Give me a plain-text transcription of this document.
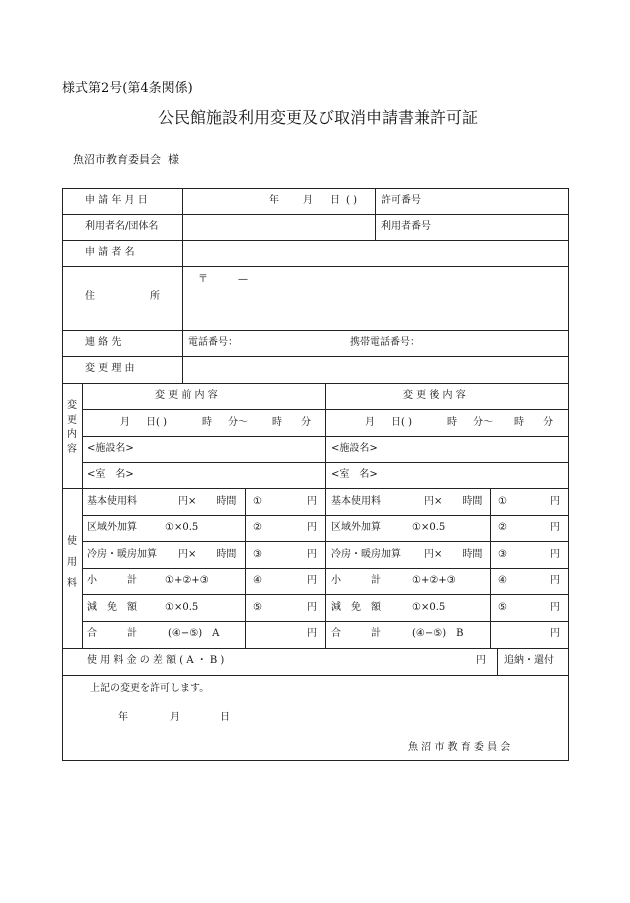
様式第2号(第4条関係)
公民館施設利用変更及び取消申請書兼許可証
魚沼市教育委員会 様
申 請 年 月 日	年 月 日 ( ) 許可番号
利用者名/団体名	利用者番号
申 請 者 名
住	所
〒	—
連 絡 先	電話番号：	携帯電話番号：
変 更 理 由
変
更
内
容
変 更 前 内 容	変 更 後 内 容
月 日( )	時 分〜 時 分	月 日( )	時 分〜 時 分
<施設名>	<施設名>
<室　名>	<室　名>
使
用
料
基本使用料	円×　　時間 ①	円 基本使用料	円×　　時間 ①	円
区域外加算	①×0.5	②	円 区域外加算	①×0.5	②	円
冷房・暖房加算 円×　　時間 ③	円 冷房・暖房加算 円×　　時間 ③	円
小　　　計	①+②+③	④	円 小　　　計	①+②+③	④	円
減　免　額	①×0.5	⑤	円 減　免　額	①×0.5	⑤	円
合　　　計	(④−⑤)　A	円 合　　　計	(④−⑤)　B	円
使 用 料 金 の 差 額 ( A ・ B )	円 追納・還付
上記の変更を許可します。
年	月	日
魚 沼 市 教 育 委 員 会
